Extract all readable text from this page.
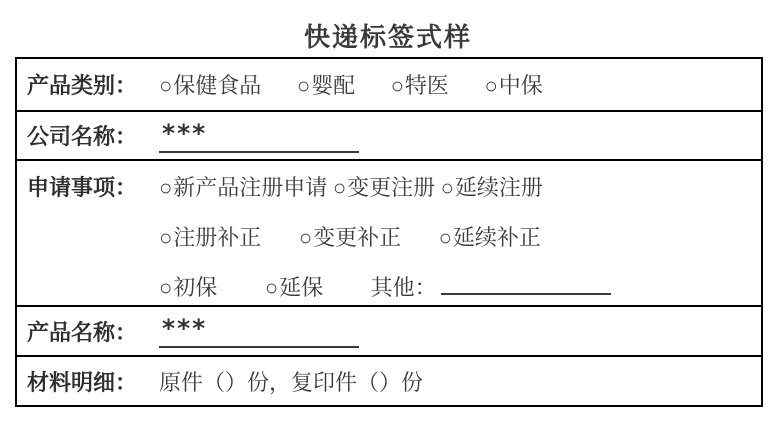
快递标签式样
产品类别： ○保健食品 ○婴配 ○特医 ○中保
公司名称： ***
申请事项： ○新产品注册申请 ○变更注册 ○延续注册
○注册补正 ○变更补正 ○延续补正
○初保 ○延保 其他：
产品名称： ***
材料明细： 原件（）份，复印件（）份
